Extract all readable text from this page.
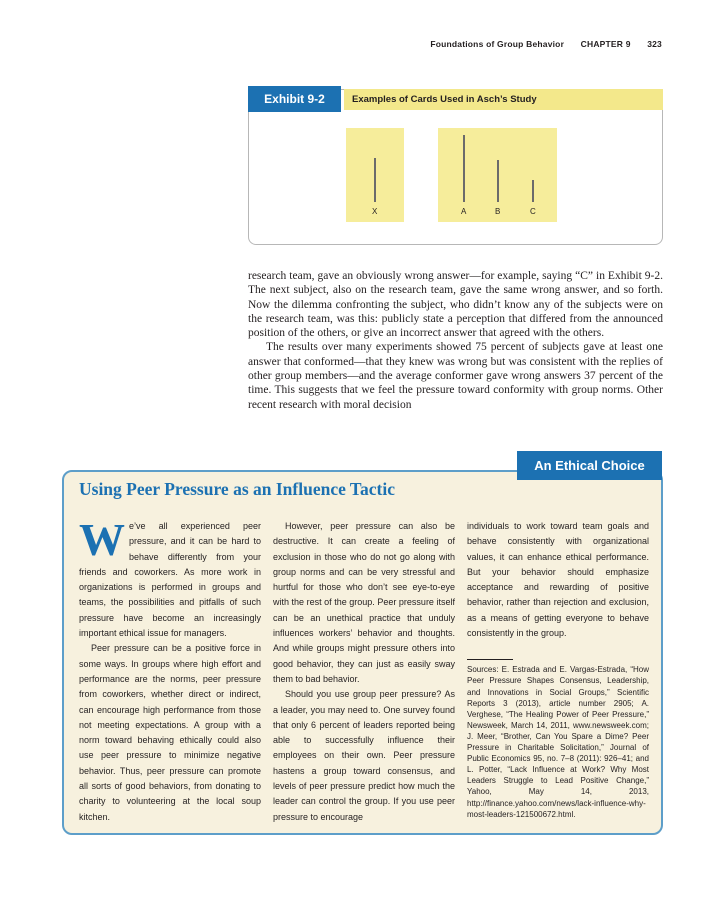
Foundations of Group Behavior CHAPTER 9 323
Exhibit 9-2	Examples of Cards Used in Asch’s Study
X	A	B	C

research team, gave an obviously wrong answer—for example, saying “C” in Exhibit 9-2. The next subject, also on the research team, gave the same wrong answer, and so forth. Now the dilemma confronting the subject, who didn’t know any of the subjects were on the research team, was this: publicly state a perception that differed from the announced position of the others, or give an incorrect answer that agreed with the others.

The results over many experiments showed 75 percent of subjects gave at least one answer that conformed—that they knew was wrong but was consistent with the replies of other group members—and the average conformer gave wrong answers 37 percent of the time. This suggests that we feel the pressure toward conformity with group norms. Other recent research with moral decision

An Ethical Choice
Using Peer Pressure as an Influence Tactic

We’ve all experienced peer pressure, and it can be hard to behave differently from your friends and coworkers. As more work in organizations is performed in groups and teams, the possibilities and pitfalls of such pressure have become an increasingly important ethical issue for managers.

Peer pressure can be a positive force in some ways. In groups where high effort and performance are the norms, peer pressure from coworkers, whether direct or indirect, can encourage high performance from those not meeting expectations. A group with a norm toward behaving ethically could also use peer pressure to minimize negative behavior. Thus, peer pressure can promote all sorts of good behaviors, from donating to charity to volunteering at the local soup kitchen.

However, peer pressure can also be destructive. It can create a feeling of exclusion in those who do not go along with group norms and can be very stressful and hurtful for those who don’t see eye-to-eye with the rest of the group. Peer pressure itself can be an unethical practice that unduly influences workers’ behavior and thoughts. And while groups might pressure others into good behavior, they can just as easily sway them to bad behavior.

Should you use group peer pressure? As a leader, you may need to. One survey found that only 6 percent of leaders reported being able to successfully influence their employees on their own. Peer pressure hastens a group toward consensus, and levels of peer pressure predict how much the leader can control the group. If you use peer pressure to encourage

individuals to work toward team goals and behave consistently with organizational values, it can enhance ethical performance. But your behavior should emphasize acceptance and rewarding of positive behavior, rather than rejection and exclusion, as a means of getting everyone to behave consistently in the group.

Sources: E. Estrada and E. Vargas-Estrada, “How Peer Pressure Shapes Consensus, Leadership, and Innovations in Social Groups,” Scientific Reports 3 (2013), article number 2905; A. Verghese, “The Healing Power of Peer Pressure,” Newsweek, March 14, 2011, www.newsweek.com; J. Meer, “Brother, Can You Spare a Dime? Peer Pressure in Charitable Solicitation,” Journal of Public Economics 95, no. 7–8 (2011): 926–41; and L. Potter, “Lack Influence at Work? Why Most Leaders Struggle to Lead Positive Change,” Yahoo, May 14, 2013, http://finance.yahoo.com/news/lack-influence-why-most-leaders-121500672.html.
